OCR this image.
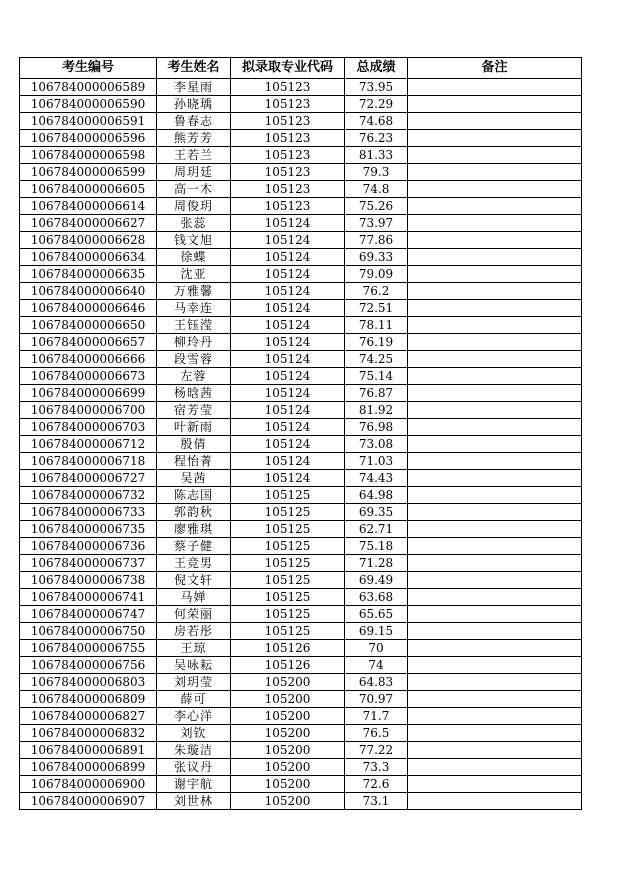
考生编号	考生姓名	拟录取专业代码	总成绩	备注
106784000006589	李星雨	105123	73.95	
106784000006590	孙晓瑀	105123	72.29	
106784000006591	鲁春志	105123	74.68	
106784000006596	熊芳芳	105123	76.23	
106784000006598	王若兰	105123	81.33	
106784000006599	周玥廷	105123	79.3	
106784000006605	高一木	105123	74.8	
106784000006614	周俊玥	105123	75.26	
106784000006627	张蕊	105124	73.97	
106784000006628	钱文旭	105124	77.86	
106784000006634	徐蝶	105124	69.33	
106784000006635	沈亚	105124	79.09	
106784000006640	万雅馨	105124	76.2	
106784000006646	马幸连	105124	72.51	
106784000006650	王钰滢	105124	78.11	
106784000006657	柳玲丹	105124	76.19	
106784000006666	段雪蓉	105124	74.25	
106784000006673	左蓉	105124	75.14	
106784000006699	杨晗茜	105124	76.87	
106784000006700	宿芳莹	105124	81.92	
106784000006703	叶新雨	105124	76.98	
106784000006712	殷倩	105124	73.08	
106784000006718	程怡菁	105124	71.03	
106784000006727	吴茜	105124	74.43	
106784000006732	陈志国	105125	64.98	
106784000006733	郭韵秋	105125	69.35	
106784000006735	廖雅琪	105125	62.71	
106784000006736	蔡子健	105125	75.18	
106784000006737	王竞男	105125	71.28	
106784000006738	倪文轩	105125	69.49	
106784000006741	马婵	105125	63.68	
106784000006747	何荣丽	105125	65.65	
106784000006750	房若彤	105125	69.15	
106784000006755	王琼	105126	70	
106784000006756	吴咏耘	105126	74	
106784000006803	刘玥莹	105200	64.83	
106784000006809	薛可	105200	70.97	
106784000006827	李心洋	105200	71.7	
106784000006832	刘钦	105200	76.5	
106784000006891	朱璇洁	105200	77.22	
106784000006899	张议丹	105200	73.3	
106784000006900	谢宇航	105200	72.6	
106784000006907	刘世林	105200	73.1	
